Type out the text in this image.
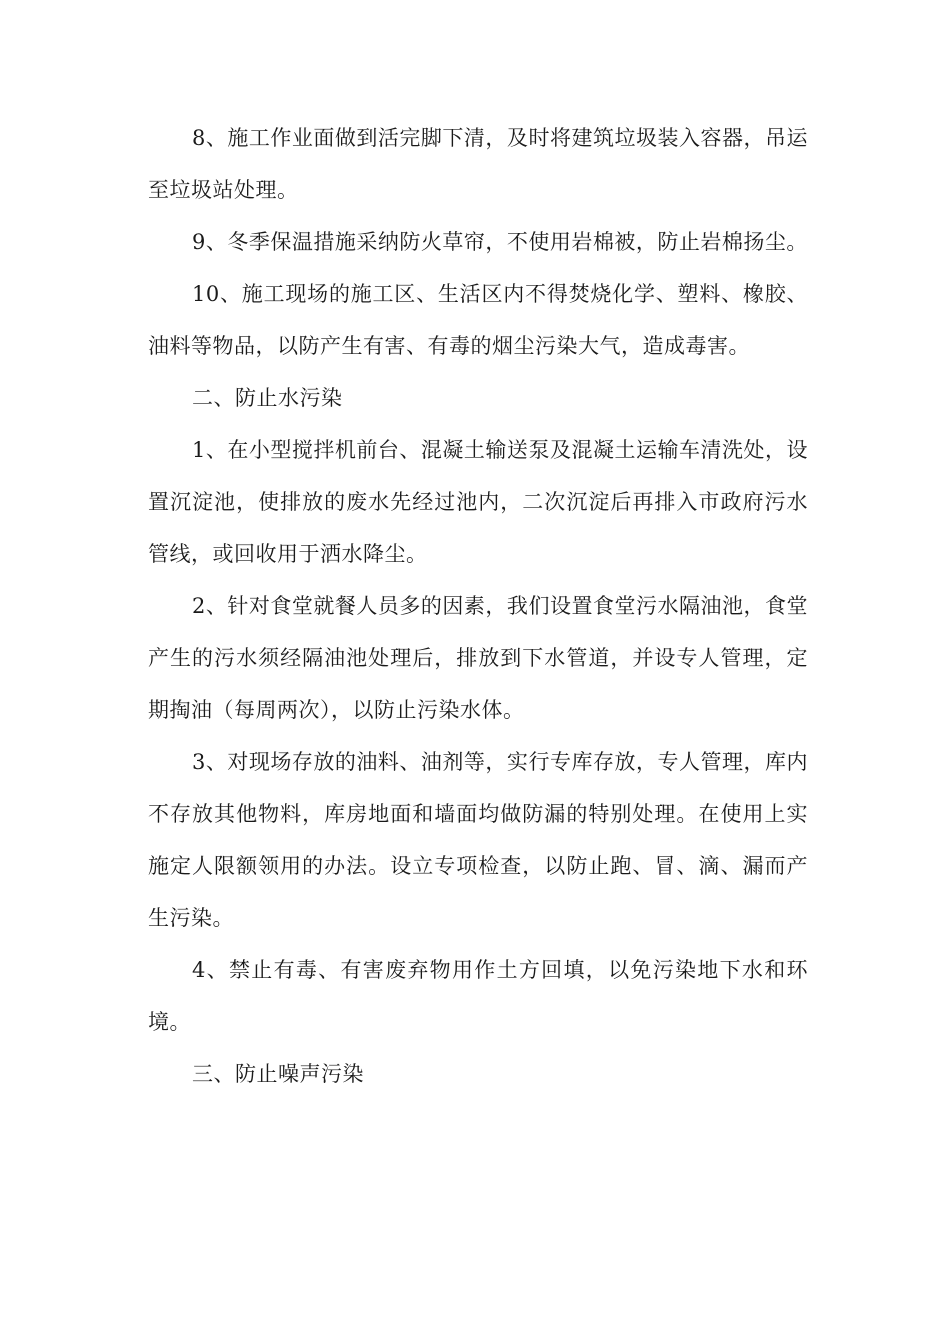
8、施工作业面做到活完脚下清，及时将建筑垃圾装入容器，吊运至垃圾站处理。

9、冬季保温措施采纳防火草帘，不使用岩棉被，防止岩棉扬尘。

10、施工现场的施工区、生活区内不得焚烧化学、塑料、橡胶、油料等物品，以防产生有害、有毒的烟尘污染大气，造成毒害。

二、防止水污染

1、在小型搅拌机前台、混凝土输送泵及混凝土运输车清洗处，设置沉淀池，使排放的废水先经过池内，二次沉淀后再排入市政府污水管线，或回收用于洒水降尘。

2、针对食堂就餐人员多的因素，我们设置食堂污水隔油池，食堂产生的污水须经隔油池处理后，排放到下水管道，并设专人管理，定期掏油（每周两次），以防止污染水体。

3、对现场存放的油料、油剂等，实行专库存放，专人管理，库内不存放其他物料，库房地面和墙面均做防漏的特别处理。在使用上实施定人限额领用的办法。设立专项检查，以防止跑、冒、滴、漏而产生污染。

4、禁止有毒、有害废弃物用作土方回填，以免污染地下水和环境。

三、防止噪声污染
